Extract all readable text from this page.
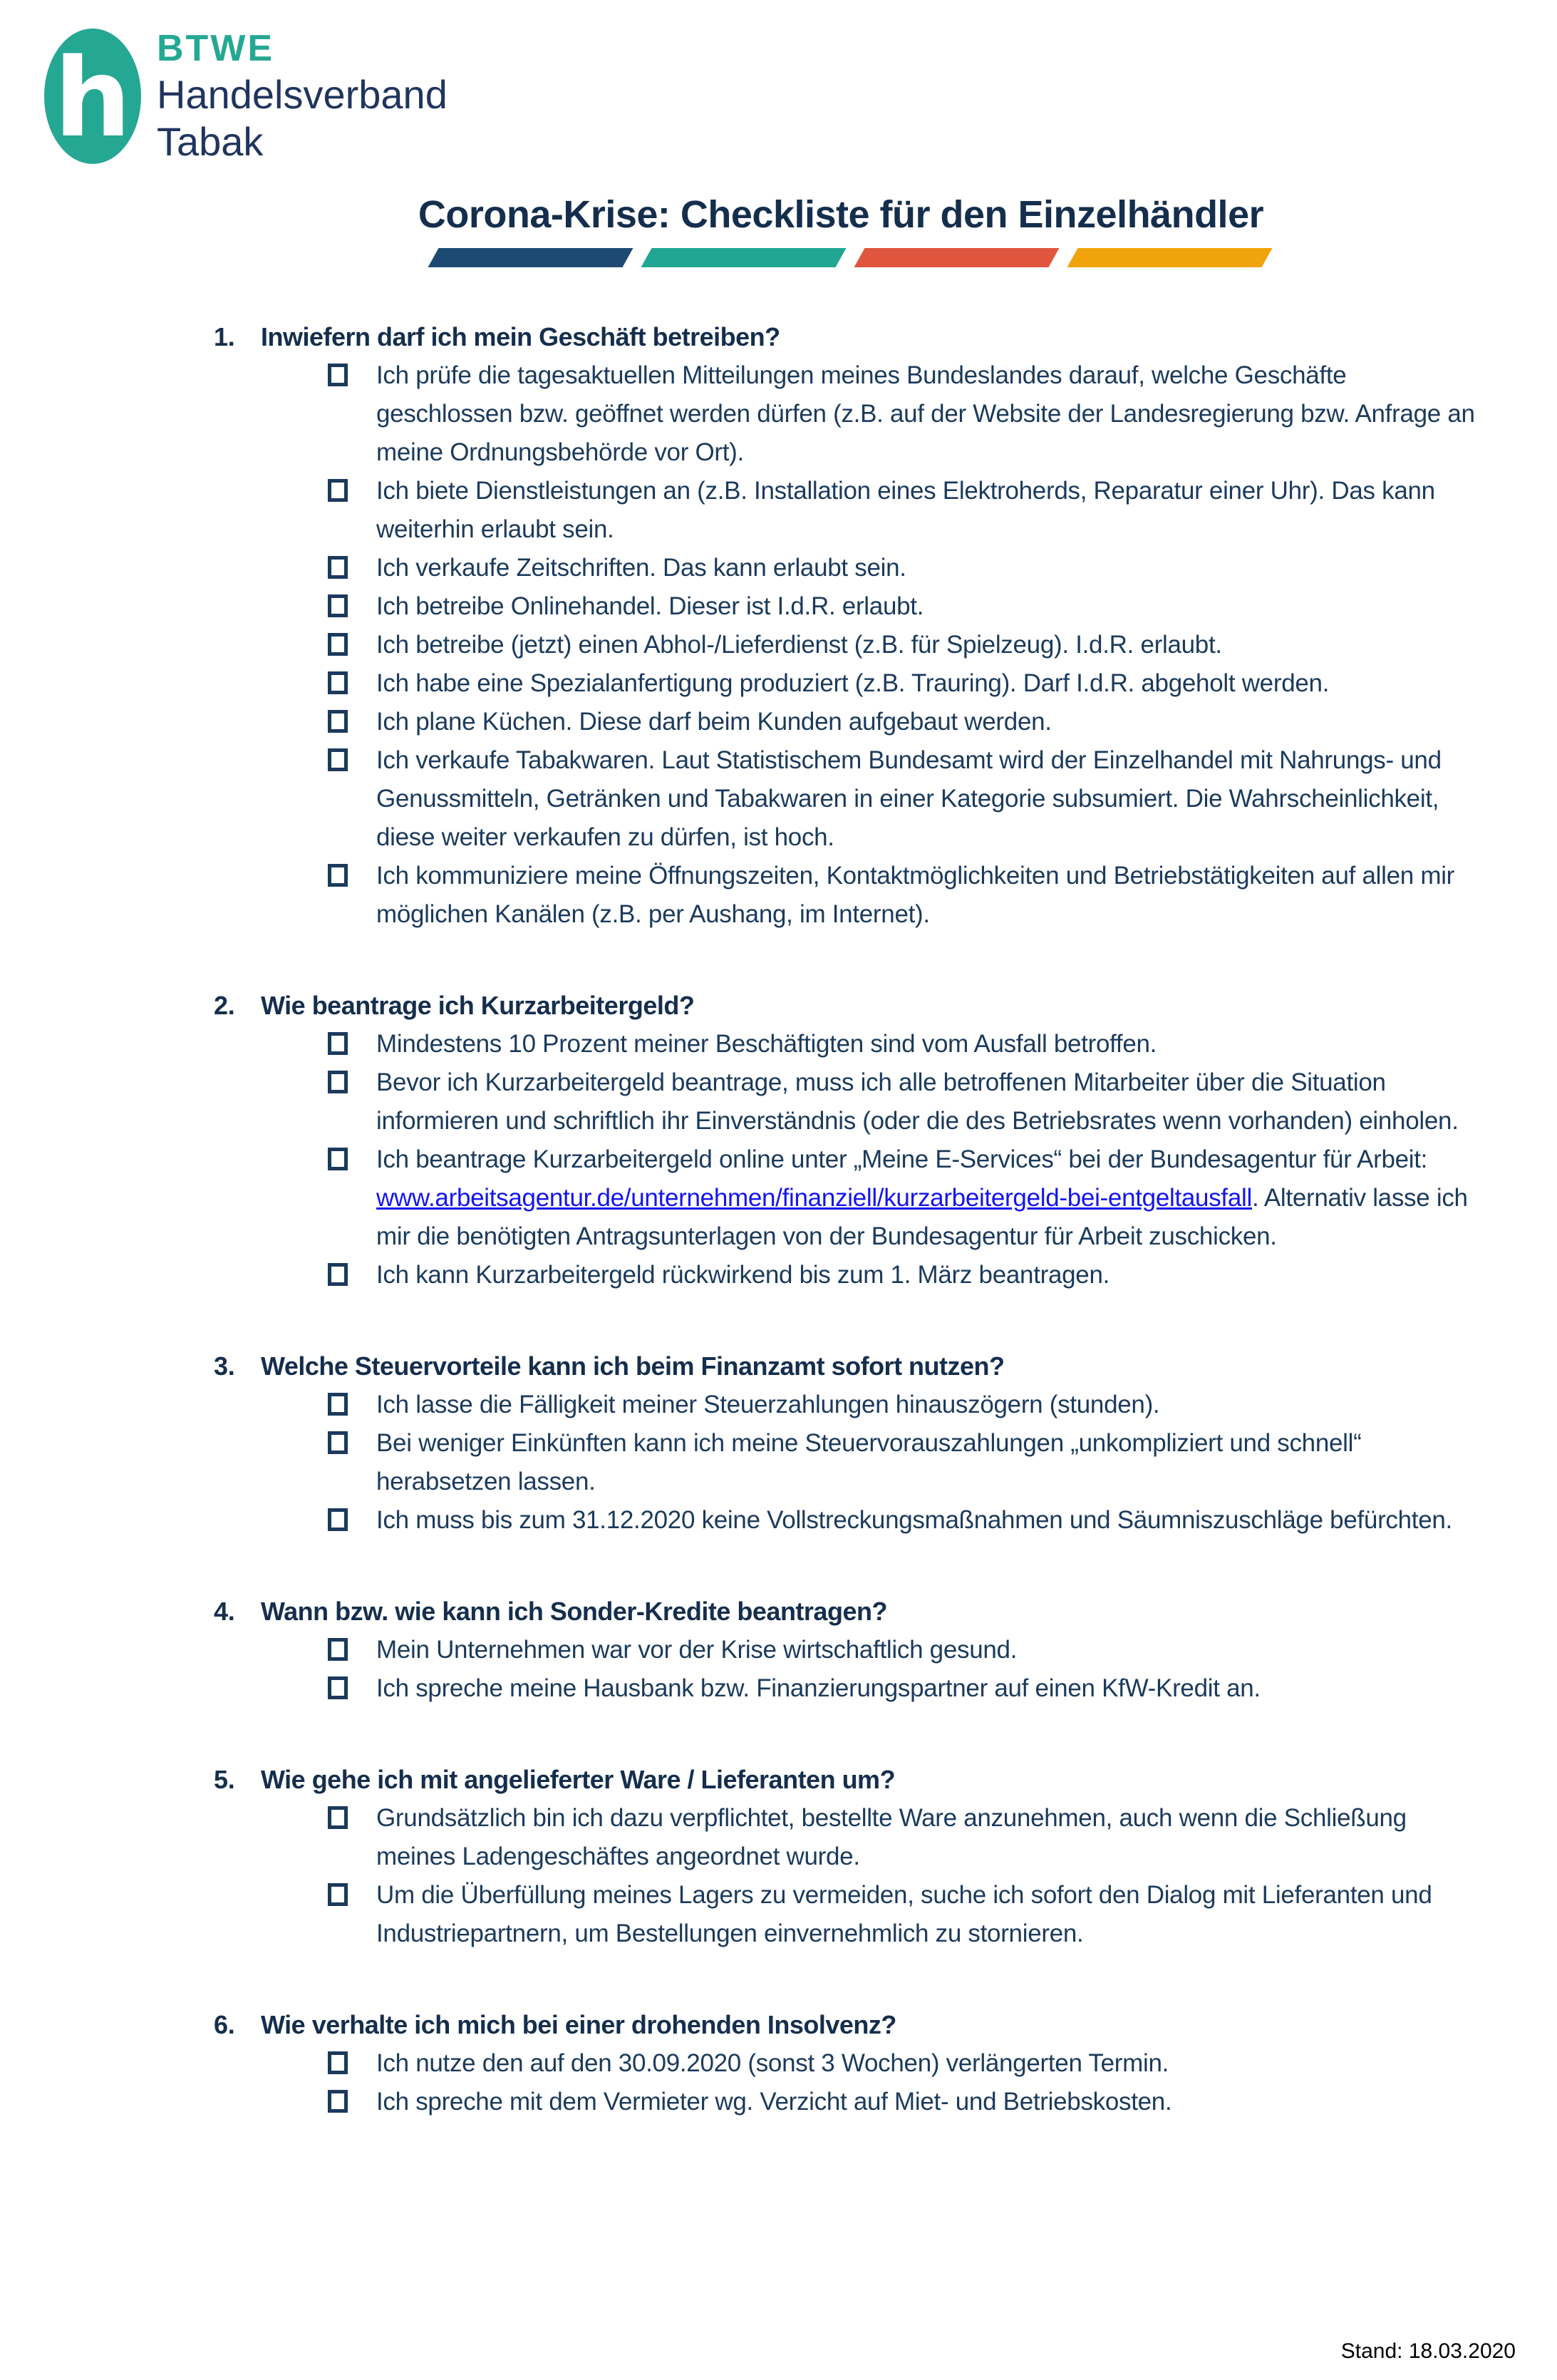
h BTWE
Handelsverband
Tabak
Corona-Krise: Checkliste für den Einzelhändler
1.	Inwiefern darf ich mein Geschäft betreiben?

Ich prüfe die tagesaktuellen Mitteilungen meines Bundeslandes darauf, welche Geschäfte geschlossen bzw. geöffnet werden dürfen (z.B. auf der Website der Landesregierung bzw. Anfrage an meine Ordnungsbehörde vor Ort).

Ich biete Dienstleistungen an (z.B. Installation eines Elektroherds, Reparatur einer Uhr). Das kann weiterhin erlaubt sein.

Ich verkaufe Zeitschriften. Das kann erlaubt sein.

Ich betreibe Onlinehandel. Dieser ist I.d.R. erlaubt.

Ich betreibe (jetzt) einen Abhol-/Lieferdienst (z.B. für Spielzeug). I.d.R. erlaubt.

Ich habe eine Spezialanfertigung produziert (z.B. Trauring). Darf I.d.R. abgeholt werden.

Ich plane Küchen. Diese darf beim Kunden aufgebaut werden.

Ich verkaufe Tabakwaren. Laut Statistischem Bundesamt wird der Einzelhandel mit Nahrungs- und Genussmitteln, Getränken und Tabakwaren in einer Kategorie subsumiert. Die Wahrscheinlichkeit, diese weiter verkaufen zu dürfen, ist hoch.

Ich kommuniziere meine Öffnungszeiten, Kontaktmöglichkeiten und Betriebstätigkeiten auf allen mir möglichen Kanälen (z.B. per Aushang, im Internet).

2.	Wie beantrage ich Kurzarbeitergeld?

Mindestens 10 Prozent meiner Beschäftigten sind vom Ausfall betroffen.

Bevor ich Kurzarbeitergeld beantrage, muss ich alle betroffenen Mitarbeiter über die Situation informieren und schriftlich ihr Einverständnis (oder die des Betriebsrates wenn vorhanden) einholen.

Ich beantrage Kurzarbeitergeld online unter „Meine E-Services“ bei der Bundesagentur für Arbeit: www.arbeitsagentur.de/unternehmen/finanziell/kurzarbeitergeld-bei-entgeltausfall. Alternativ lasse ich mir die benötigten Antragsunterlagen von der Bundesagentur für Arbeit zuschicken.

Ich kann Kurzarbeitergeld rückwirkend bis zum 1. März beantragen.

3.	Welche Steuervorteile kann ich beim Finanzamt sofort nutzen?

Ich lasse die Fälligkeit meiner Steuerzahlungen hinauszögern (stunden).

Bei weniger Einkünften kann ich meine Steuervorauszahlungen „unkompliziert und schnell“ herabsetzen lassen.

Ich muss bis zum 31.12.2020 keine Vollstreckungsmaßnahmen und Säumniszuschläge befürchten.

4.	Wann bzw. wie kann ich Sonder-Kredite beantragen?

Mein Unternehmen war vor der Krise wirtschaftlich gesund.

Ich spreche meine Hausbank bzw. Finanzierungspartner auf einen KfW-Kredit an.

5.	Wie gehe ich mit angelieferter Ware / Lieferanten um?

Grundsätzlich bin ich dazu verpflichtet, bestellte Ware anzunehmen, auch wenn die Schließung meines Ladengeschäftes angeordnet wurde.

Um die Überfüllung meines Lagers zu vermeiden, suche ich sofort den Dialog mit Lieferanten und Industriepartnern, um Bestellungen einvernehmlich zu stornieren.

6.	Wie verhalte ich mich bei einer drohenden Insolvenz?

Ich nutze den auf den 30.09.2020 (sonst 3 Wochen) verlängerten Termin.

Ich spreche mit dem Vermieter wg. Verzicht auf Miet- und Betriebskosten.

Stand: 18.03.2020
